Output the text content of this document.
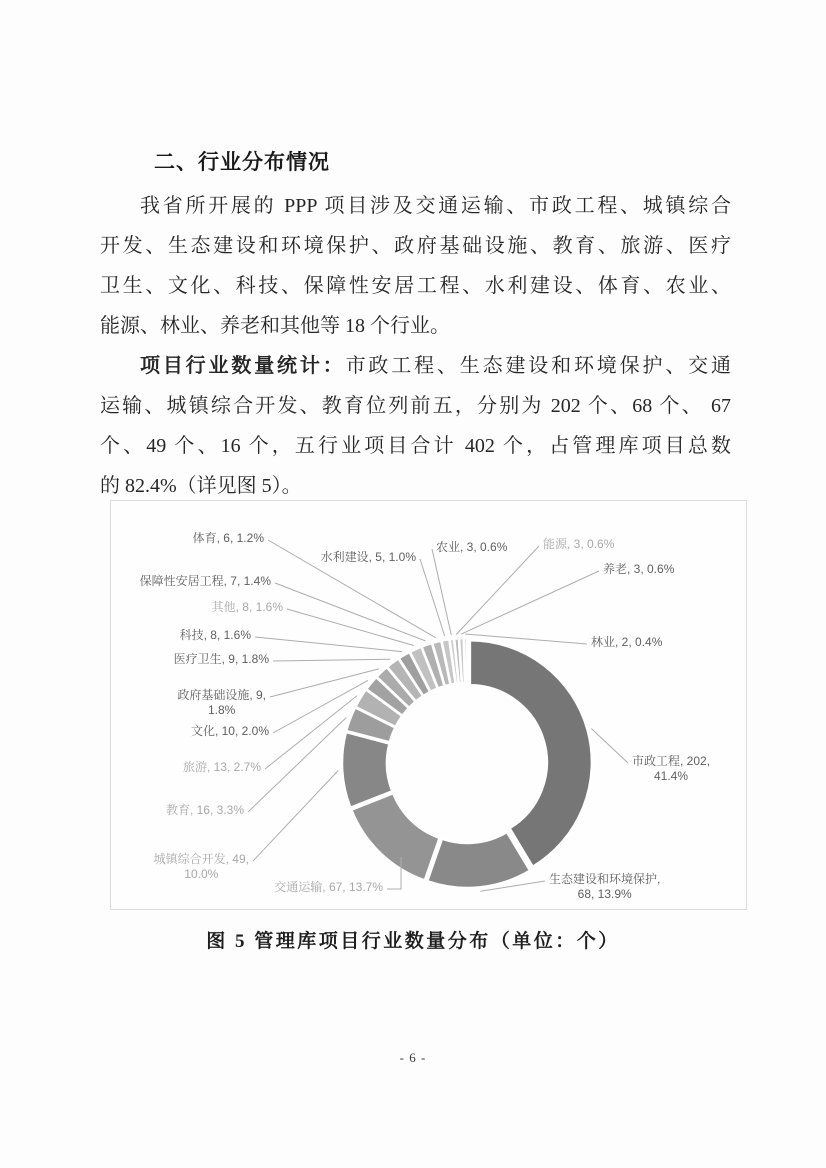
二、行业分布情况
我省所开展的 PPP 项目涉及交通运输、市政工程、城镇综合
开发、生态建设和环境保护、政府基础设施、教育、旅游、医疗
卫生、文化、科技、保障性安居工程、水利建设、体育、农业、
能源、林业、养老和其他等 18 个行业。
项目行业数量统计：市政工程、生态建设和环境保护、交通
运输、城镇综合开发、教育位列前五，分别为 202 个、68 个、 67
个、49 个、16 个，五行业项目合计 402 个，占管理库项目总数
的 82.4%（详见图 5）。
市政工程, 202,
41.4%
生态建设和环境保护,
68, 13.9%
交通运输, 67, 13.7%
城镇综合开发, 49,
10.0%
教育, 16, 3.3%
旅游, 13, 2.7%
文化, 10, 2.0%
政府基础设施, 9,
1.8%
医疗卫生, 9, 1.8%
科技, 8, 1.6%
其他, 8, 1.6%
保障性安居工程, 7, 1.4%
体育, 6, 1.2%
水利建设, 5, 1.0%
农业, 3, 0.6%	能源, 3, 0.6%
养老, 3, 0.6%
林业, 2, 0.4%
图 5 管理库项目行业数量分布（单位：个）
- 6 -
